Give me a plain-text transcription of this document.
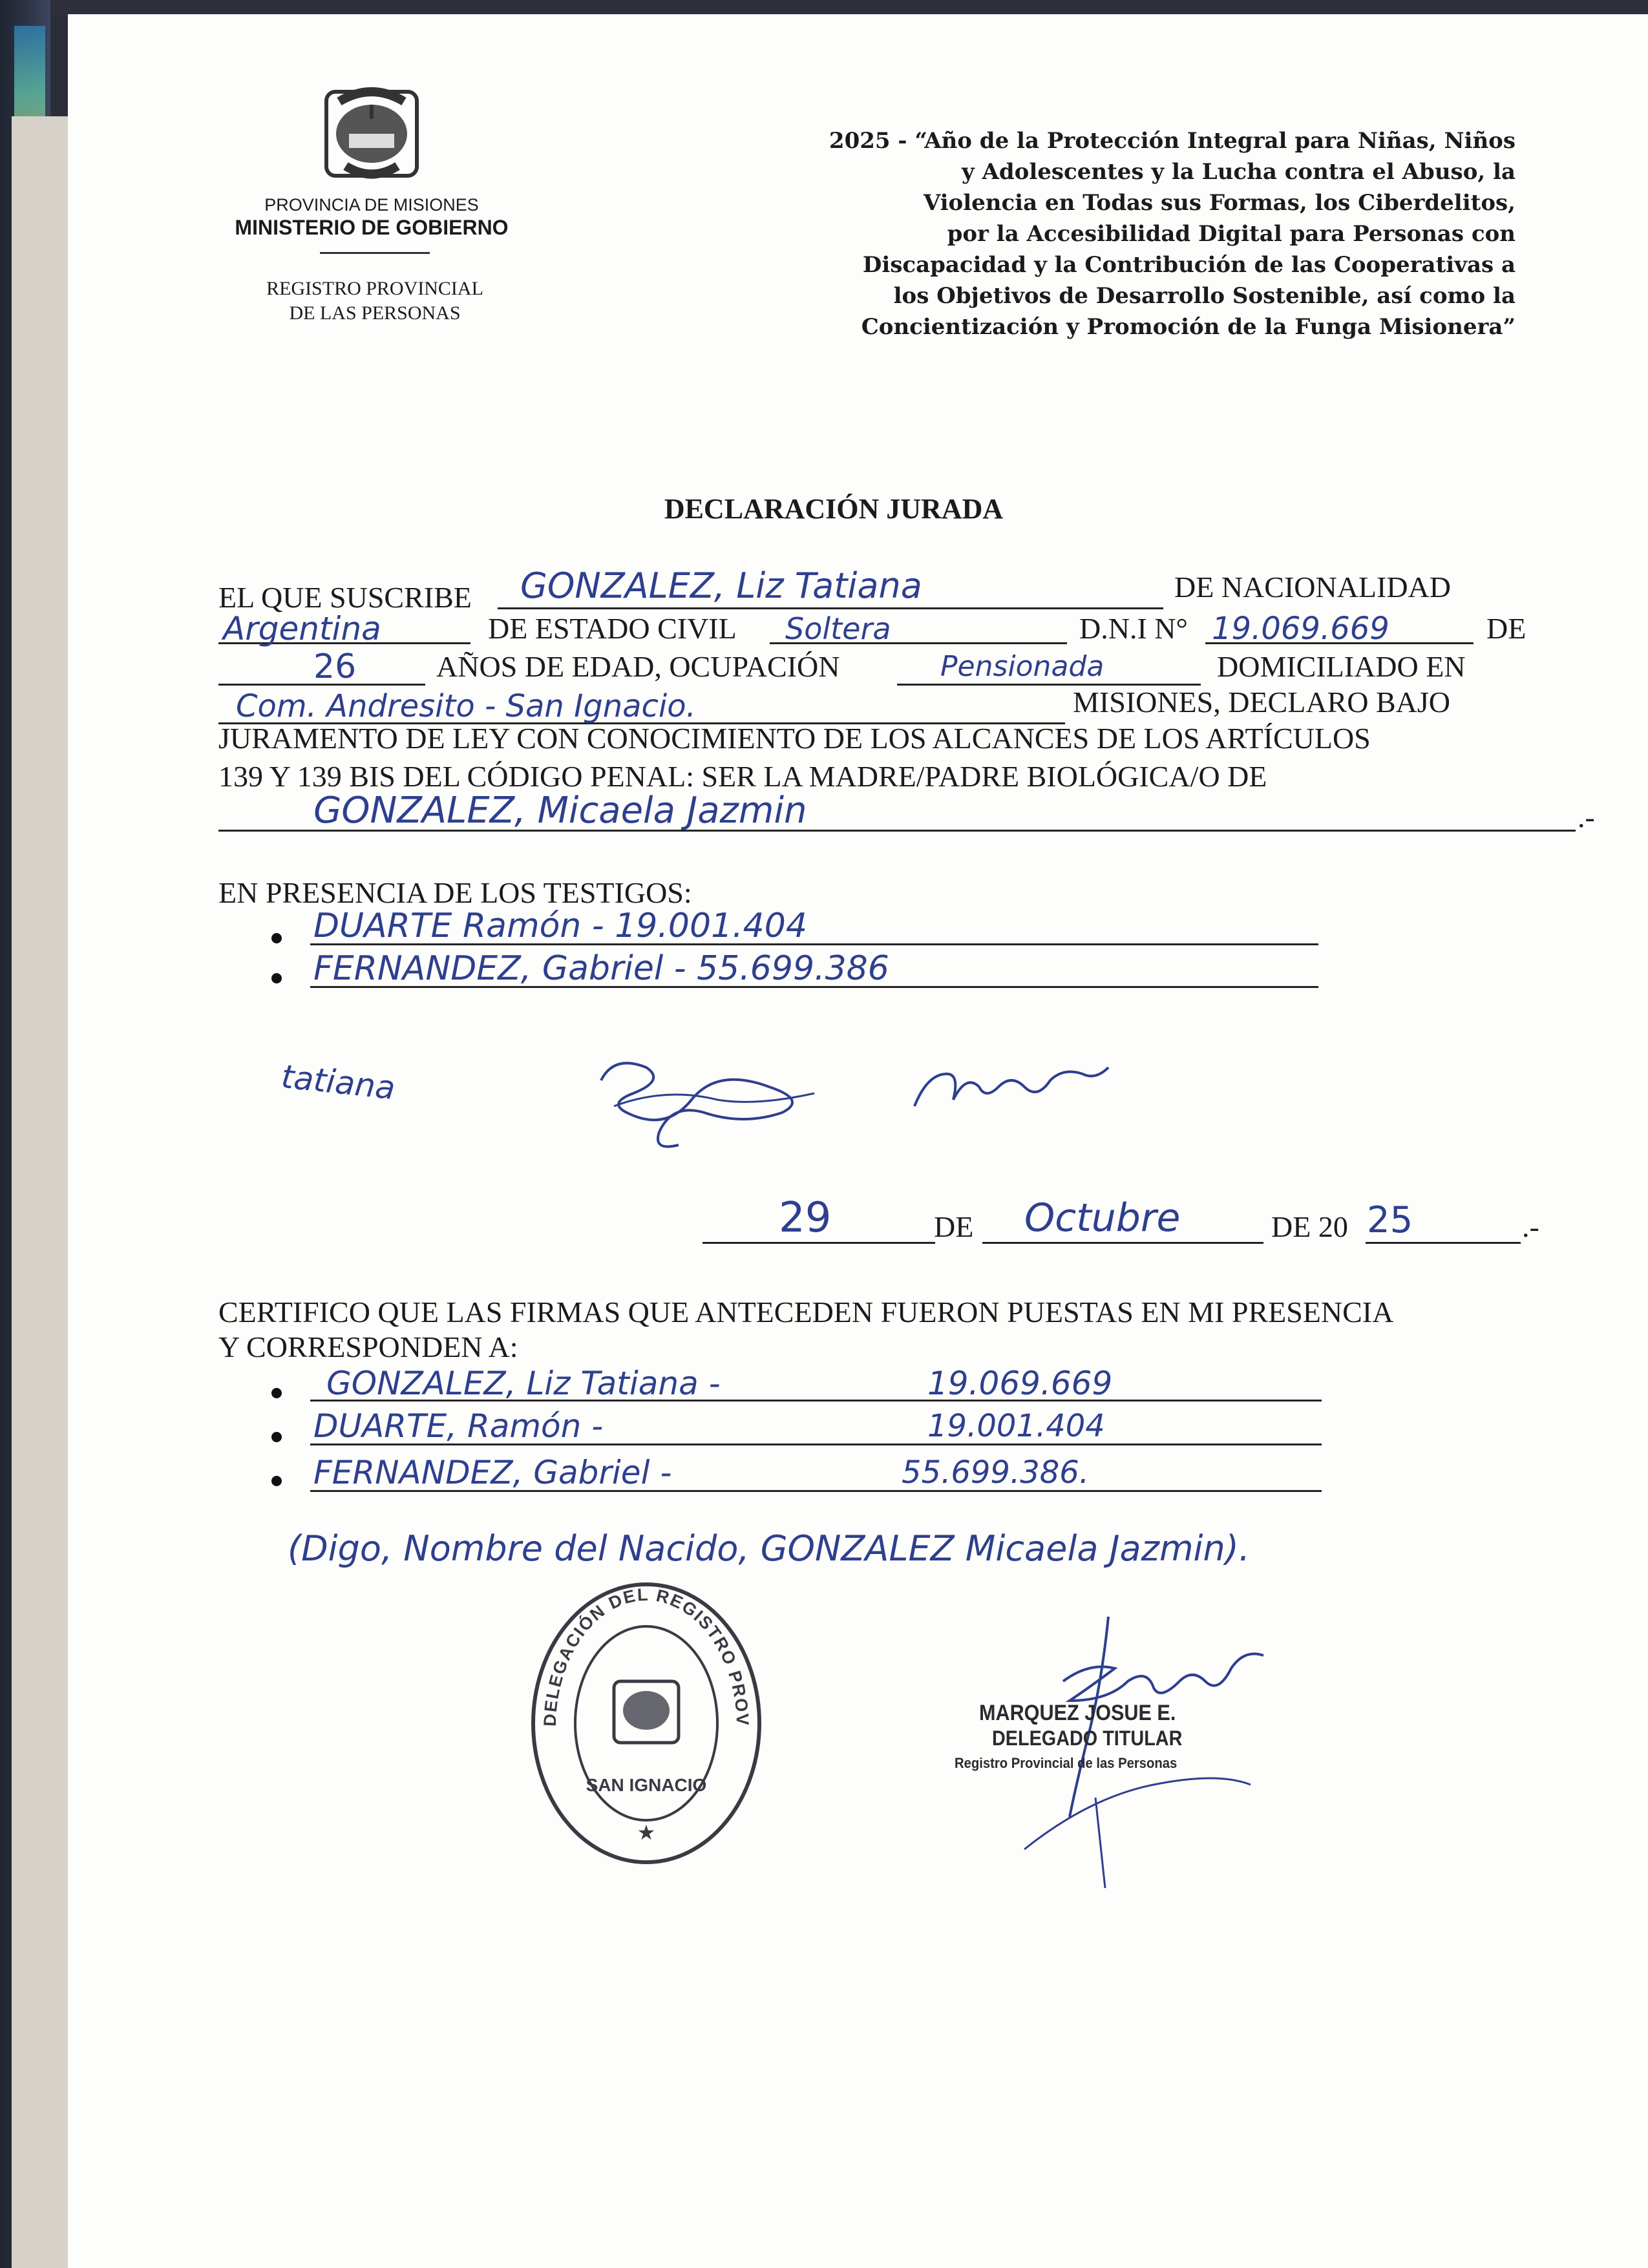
PROVINCIA DE MISIONES
MINISTERIO DE GOBIERNO
REGISTRO PROVINCIAL
DE LAS PERSONAS
2025 - “Año de la Protección Integral para Niñas, Niños
y Adolescentes y la Lucha contra el Abuso, la
Violencia en Todas sus Formas, los Ciberdelitos,
por la Accesibilidad Digital para Personas con
Discapacidad y la Contribución de las Cooperativas a
los Objetivos de Desarrollo Sostenible, así como la
Concientización y Promoción de la Funga Misionera”
DECLARACIÓN JURADA
EL QUE SUSCRIBE GONZALEZ, Liz Tatiana	DE NACIONALIDAD
Argentina	DE ESTADO CIVIL Soltera	D.N.I N° 19.069.669	DE
26	AÑOS DE EDAD, OCUPACIÓN	Pensionada	DOMICILIADO EN
Com. Andresito - San Ignacio.	MISIONES, DECLARO BAJO
JURAMENTO DE LEY CON CONOCIMIENTO DE LOS ALCANCES DE LOS ARTÍCULOS
139 Y 139 BIS DEL CÓDIGO PENAL: SER LA MADRE/PADRE BIOLÓGICA/O DE
GONZALEZ, Micaela Jazmin	.-
EN PRESENCIA DE LOS TESTIGOS:
DUARTE Ramón - 19.001.404
FERNANDEZ, Gabriel - 55.699.386
tatiana
29	DE Octubre	DE 20 25	.-
CERTIFICO QUE LAS FIRMAS QUE ANTECEDEN FUERON PUESTAS EN MI PRESENCIA
Y CORRESPONDEN A:
GONZALEZ, Liz Tatiana -	19.069.669
DUARTE, Ramón -	19.001.404
FERNANDEZ, Gabriel -	55.699.386.
(Digo, Nombre del Nacido, GONZALEZ Micaela Jazmin).
DELEGACIÓN DEL REGISTRO PROV
SAN IGNACIO
★
MARQUEZ JOSUE E.
DELEGADO TITULAR
Registro Provincial de las Personas
